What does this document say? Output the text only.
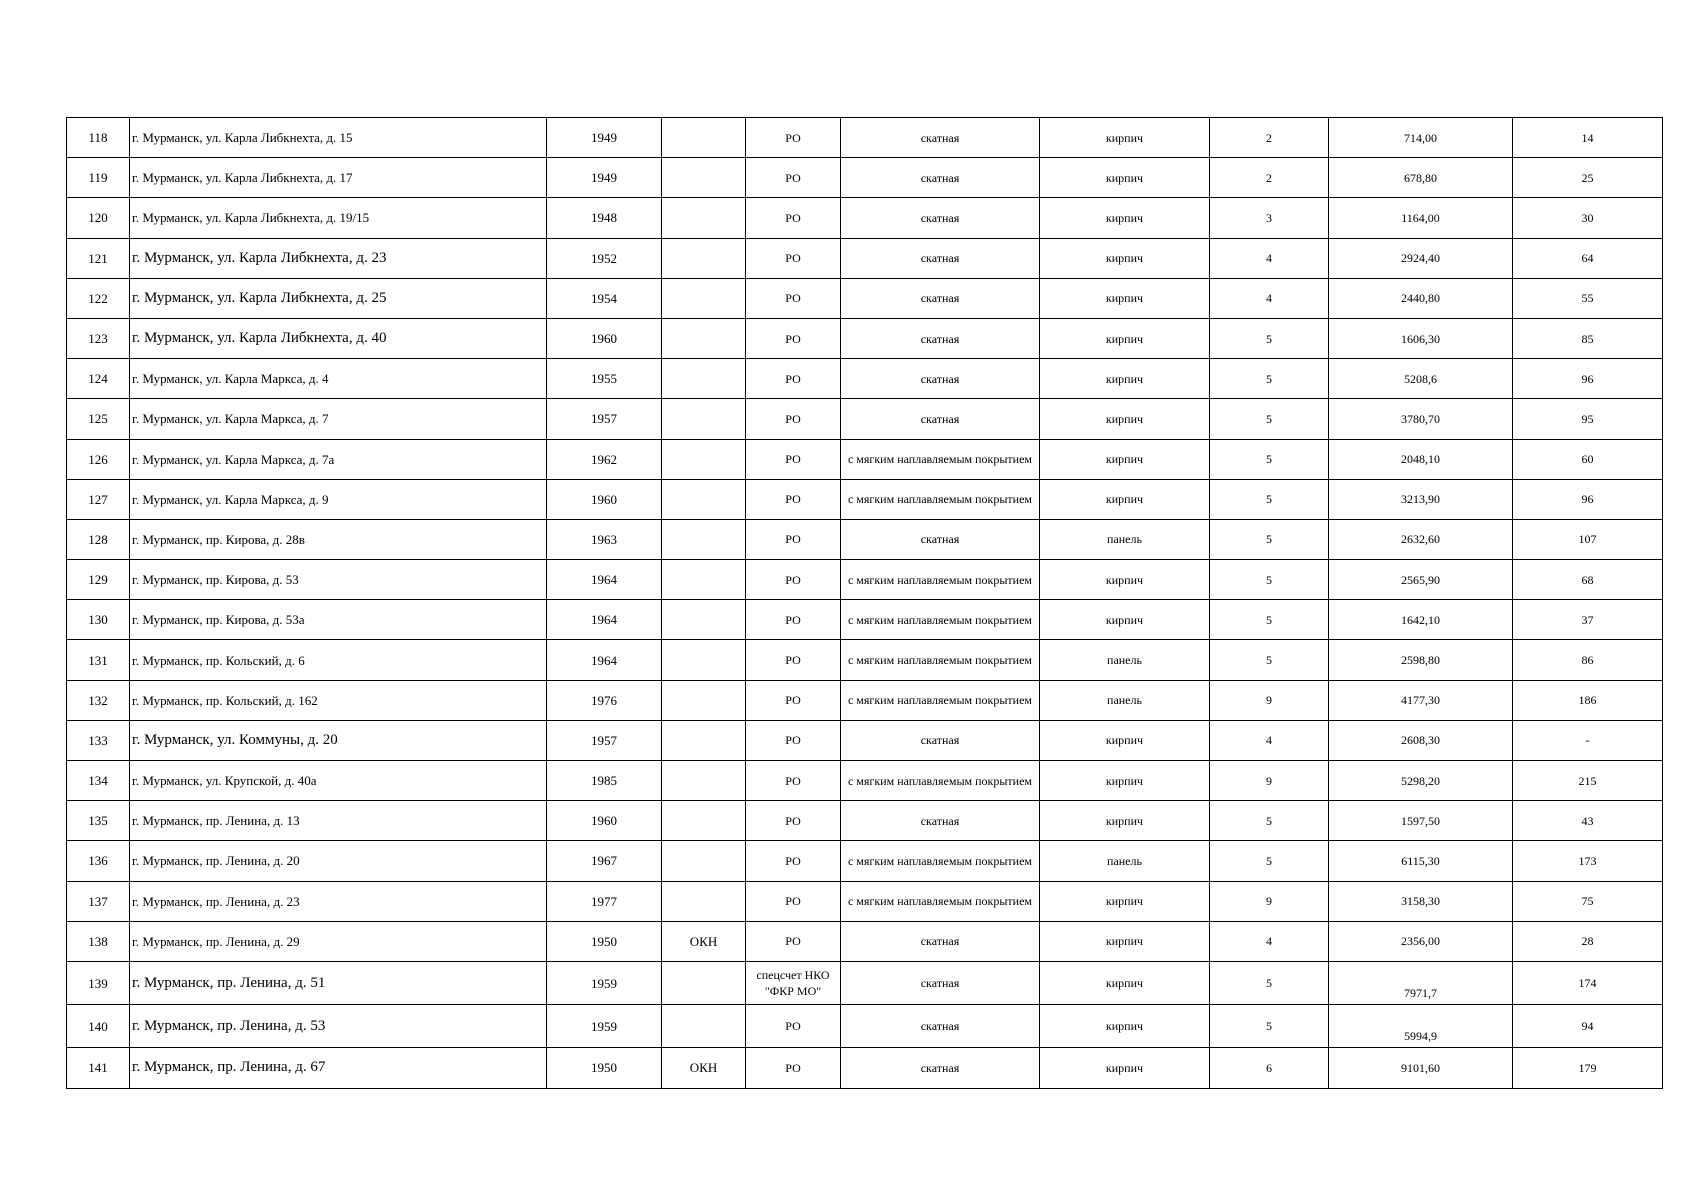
118	г. Мурманск, ул. Карла Либкнехта, д. 15	1949		РО	скатная	кирпич	2	714,00	14
119	г. Мурманск, ул. Карла Либкнехта, д. 17	1949		РО	скатная	кирпич	2	678,80	25
120	г. Мурманск, ул. Карла Либкнехта, д. 19/15	1948		РО	скатная	кирпич	3	1164,00	30
121	г. Мурманск, ул. Карла Либкнехта, д. 23	1952		РО	скатная	кирпич	4	2924,40	64
122	г. Мурманск, ул. Карла Либкнехта, д. 25	1954		РО	скатная	кирпич	4	2440,80	55
123	г. Мурманск, ул. Карла Либкнехта, д. 40	1960		РО	скатная	кирпич	5	1606,30	85
124	г. Мурманск, ул. Карла Маркса, д. 4	1955		РО	скатная	кирпич	5	5208,6	96
125	г. Мурманск, ул. Карла Маркса, д. 7	1957		РО	скатная	кирпич	5	3780,70	95
126	г. Мурманск, ул. Карла Маркса, д. 7а	1962		РО	с мягким наплавляемым покрытием	кирпич	5	2048,10	60
127	г. Мурманск, ул. Карла Маркса, д. 9	1960		РО	с мягким наплавляемым покрытием	кирпич	5	3213,90	96
128	г. Мурманск, пр. Кирова, д. 28в	1963		РО	скатная	панель	5	2632,60	107
129	г. Мурманск, пр. Кирова, д. 53	1964		РО	с мягким наплавляемым покрытием	кирпич	5	2565,90	68
130	г. Мурманск, пр. Кирова, д. 53а	1964		РО	с мягким наплавляемым покрытием	кирпич	5	1642,10	37
131	г. Мурманск, пр. Кольский, д. 6	1964		РО	с мягким наплавляемым покрытием	панель	5	2598,80	86
132	г. Мурманск, пр. Кольский, д. 162	1976		РО	с мягким наплавляемым покрытием	панель	9	4177,30	186
133	г. Мурманск, ул. Коммуны, д. 20	1957		РО	скатная	кирпич	4	2608,30	-
134	г. Мурманск, ул. Крупской, д. 40а	1985		РО	с мягким наплавляемым покрытием	кирпич	9	5298,20	215
135	г. Мурманск, пр. Ленина, д. 13	1960		РО	скатная	кирпич	5	1597,50	43
136	г. Мурманск, пр. Ленина, д. 20	1967		РО	с мягким наплавляемым покрытием	панель	5	6115,30	173
137	г. Мурманск, пр. Ленина, д. 23	1977		РО	с мягким наплавляемым покрытием	кирпич	9	3158,30	75
138	г. Мурманск, пр. Ленина, д. 29	1950	ОКН	РО	скатная	кирпич	4	2356,00	28
139	г. Мурманск, пр. Ленина, д. 51	1959		спецсчет НКО "ФКР МО"	скатная	кирпич	5	7971,7	174
140	г. Мурманск, пр. Ленина, д. 53	1959		РО	скатная	кирпич	5	5994,9	94
141	г. Мурманск, пр. Ленина, д. 67	1950	ОКН	РО	скатная	кирпич	6	9101,60	179
